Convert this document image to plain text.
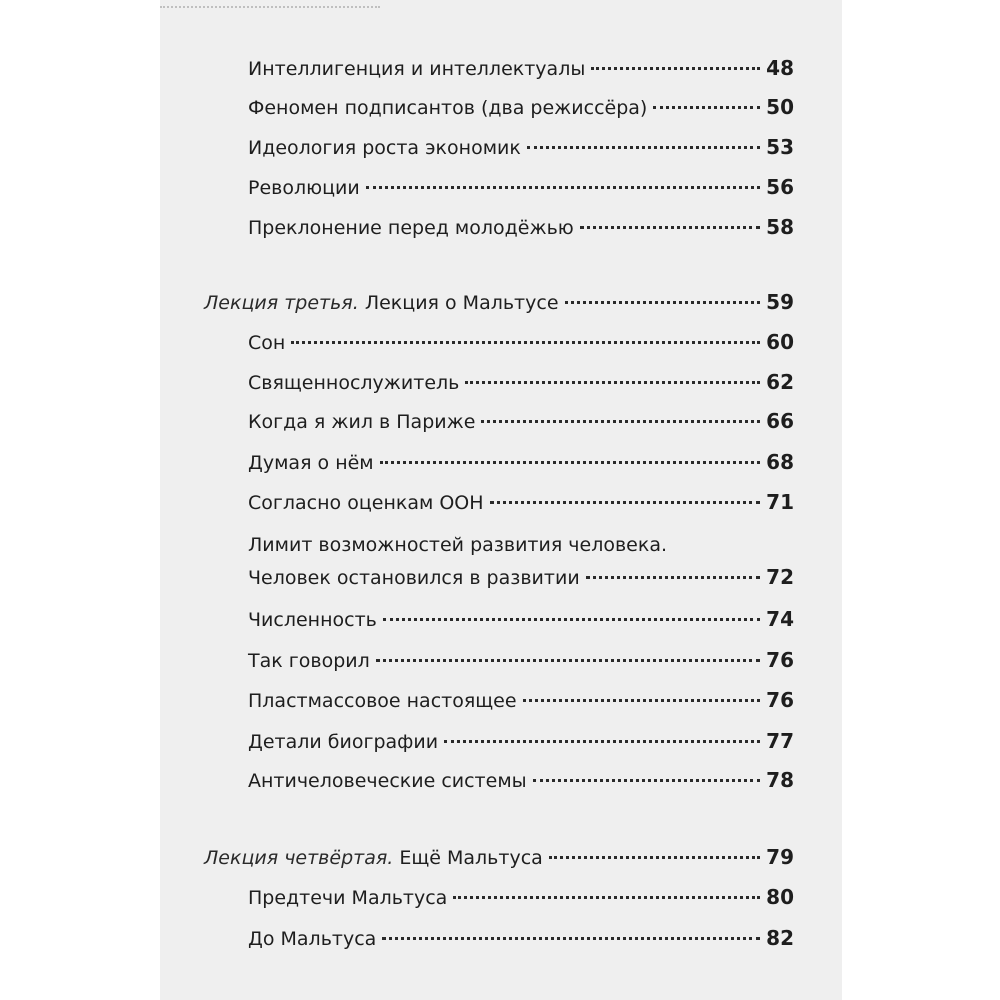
Интеллигенция и интеллектуалы	48
Феномен подписантов (два режиссёра)	50
Идеология роста экономик	53
Революции	56
Преклонение перед молодёжью	58
Лекция третья. Лекция о Мальтусе	59
Сон	60
Священнослужитель	62
Когда я жил в Париже	66
Думая о нём	68
Согласно оценкам ООН	71
Лимит возможностей развития человека.
Человек остановился в развитии	72
Численность	74
Так говорил	76
Пластмассовое настоящее	76
Детали биографии	77
Античеловеческие системы	78
Лекция четвёртая. Ещё Мальтуса	79
Предтечи Мальтуса	80
До Мальтуса	82
